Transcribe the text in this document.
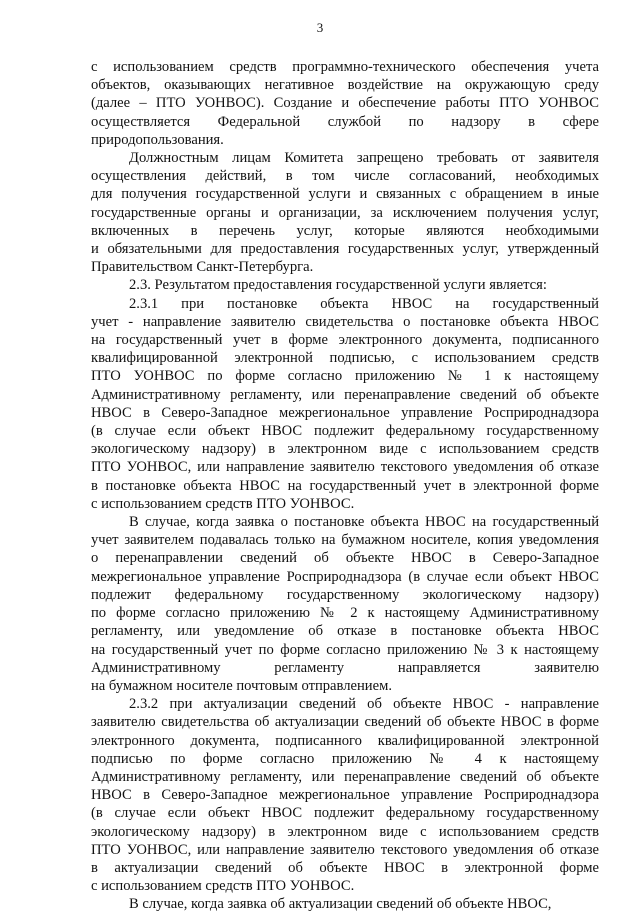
3

с использованием средств программно-технического обеспечения учета

объектов, оказывающих негативное воздействие на окружающую среду

(далее – ПТО УОНВОС). Создание и обеспечение работы ПТО УОНВОС

осуществляется Федеральной службой по надзору в сфере

природопользования.

Должностным лицам Комитета запрещено требовать от заявителя

осуществления действий, в том числе согласований, необходимых

для получения государственной услуги и связанных с обращением в иные

государственные органы и организации, за исключением получения услуг,

включенных в перечень услуг, которые являются необходимыми

и обязательными для предоставления государственных услуг, утвержденный

Правительством Санкт-Петербурга.

2.3. Результатом предоставления государственной услуги является:

2.3.1 при постановке объекта НВОС на государственный

учет - направление заявителю свидетельства о постановке объекта НВОС

на государственный учет в форме электронного документа, подписанного

квалифицированной электронной подписью, с использованием средств

ПТО УОНВОС по форме согласно приложению № 1 к настоящему

Административному регламенту, или перенаправление сведений об объекте

НВОС в Северо-Западное межрегиональное управление Росприроднадзора

(в случае если объект НВОС подлежит федеральному государственному

экологическому надзору) в электронном виде с использованием средств

ПТО УОНВОС, или направление заявителю текстового уведомления об отказе

в постановке объекта НВОС на государственный учет в электронной форме

с использованием средств ПТО УОНВОС.

В случае, когда заявка о постановке объекта НВОС на государственный

учет заявителем подавалась только на бумажном носителе, копия уведомления

о перенаправлении сведений об объекте НВОС в Северо-Западное

межрегиональное управление Росприроднадзора (в случае если объект НВОС

подлежит федеральному государственному экологическому надзору)

по форме согласно приложению № 2 к настоящему Административному

регламенту, или уведомление об отказе в постановке объекта НВОС

на государственный учет по форме согласно приложению № 3 к настоящему

Административному регламенту направляется заявителю

на бумажном носителе почтовым отправлением.

2.3.2 при актуализации сведений об объекте НВОС - направление

заявителю свидетельства об актуализации сведений об объекте НВОС в форме

электронного документа, подписанного квалифицированной электронной

подписью по форме согласно приложению № 4 к настоящему

Административному регламенту, или перенаправление сведений об объекте

НВОС в Северо-Западное межрегиональное управление Росприроднадзора

(в случае если объект НВОС подлежит федеральному государственному

экологическому надзору) в электронном виде с использованием средств

ПТО УОНВОС, или направление заявителю текстового уведомления об отказе

в актуализации сведений об объекте НВОС в электронной форме

с использованием средств ПТО УОНВОС.

В случае, когда заявка об актуализации сведений об объекте НВОС,
